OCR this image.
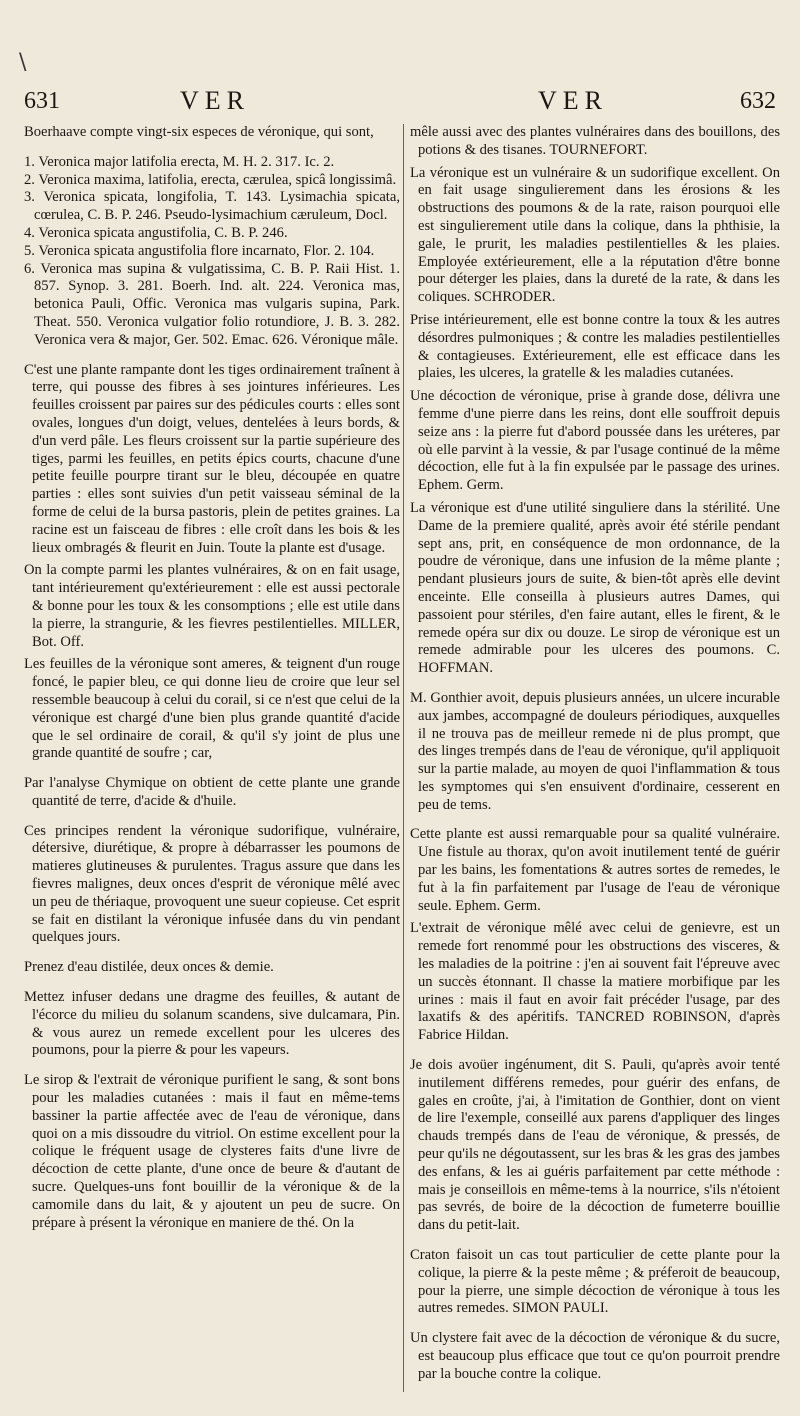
\
631	VER	VER	632

Boerhaave compte vingt-six especes de véronique, qui sont,

1. Veronica major latifolia erecta, M. H. 2. 317. Ic. 2.

2. Veronica maxima, latifolia, erecta, cærulea, spicâ longissimâ.

3. Veronica spicata, longifolia, T. 143. Lysimachia spicata, cœrulea, C. B. P. 246. Pseudo-lysimachium cæruleum, Docl.

4. Veronica spicata angustifolia, C. B. P. 246.

5. Veronica spicata angustifolia flore incarnato, Flor. 2. 104.

6. Veronica mas supina & vulgatissima, C. B. P. Raii Hist. 1. 857. Synop. 3. 281. Boerh. Ind. alt. 224. Veronica mas, betonica Pauli, Offic. Veronica mas vulgaris supina, Park. Theat. 550. Veronica vulgatior folio rotundiore, J. B. 3. 282. Veronica vera & major, Ger. 502. Emac. 626. Véronique mâle.

C'est une plante rampante dont les tiges ordinairement traînent à terre, qui pousse des fibres à ses jointures inférieures. Les feuilles croissent par paires sur des pédicules courts : elles sont ovales, longues d'un doigt, velues, dentelées à leurs bords, & d'un verd pâle. Les fleurs croissent sur la partie supérieure des tiges, parmi les feuilles, en petits épics courts, chacune d'une petite feuille pourpre tirant sur le bleu, découpée en quatre parties : elles sont suivies d'un petit vaisseau séminal de la forme de celui de la bursa pastoris, plein de petites graines. La racine est un faisceau de fibres : elle croît dans les bois & les lieux ombragés & fleurit en Juin. Toute la plante est d'usage.

On la compte parmi les plantes vulnéraires, & on en fait usage, tant intérieurement qu'extérieurement : elle est aussi pectorale & bonne pour les toux & les consomptions ; elle est utile dans la pierre, la strangurie, & les fievres pestilentielles. MILLER, Bot. Off.

Les feuilles de la véronique sont ameres, & teignent d'un rouge foncé, le papier bleu, ce qui donne lieu de croire que leur sel ressemble beaucoup à celui du corail, si ce n'est que celui de la véronique est chargé d'une bien plus grande quantité d'acide que le sel ordinaire de corail, & qu'il s'y joint de plus une grande quantité de soufre ; car,

Par l'analyse Chymique on obtient de cette plante une grande quantité de terre, d'acide & d'huile.

Ces principes rendent la véronique sudorifique, vulnéraire, détersive, diurétique, & propre à débarrasser les poumons de matieres glutineuses & purulentes. Tragus assure que dans les fievres malignes, deux onces d'esprit de véronique mêlé avec un peu de thériaque, provoquent une sueur copieuse. Cet esprit se fait en distilant la véronique infusée dans du vin pendant quelques jours.

Prenez d'eau distilée, deux onces & demie.

Mettez infuser dedans une dragme des feuilles, & autant de l'écorce du milieu du solanum scandens, sive dulcamara, Pin. & vous aurez un remede excellent pour les ulceres des poumons, pour la pierre & pour les vapeurs.

Le sirop & l'extrait de véronique purifient le sang, & sont bons pour les maladies cutanées : mais il faut en même-tems bassiner la partie affectée avec de l'eau de véronique, dans quoi on a mis dissoudre du vitriol. On estime excellent pour la colique le fréquent usage de clysteres faits d'une livre de décoction de cette plante, d'une once de beure & d'autant de sucre. Quelques-uns font bouillir de la véronique & de la camomile dans du lait, & y ajoutent un peu de sucre. On prépare à présent la véronique en maniere de thé. On la

mêle aussi avec des plantes vulnéraires dans des bouillons, des potions & des tisanes. TOURNEFORT.

La véronique est un vulnéraire & un sudorifique excellent. On en fait usage singulierement dans les érosions & les obstructions des poumons & de la rate, raison pourquoi elle est singulierement utile dans la colique, dans la phthisie, la gale, le prurit, les maladies pestilentielles & les plaies. Employée extérieurement, elle a la réputation d'être bonne pour déterger les plaies, dans la dureté de la rate, & dans les coliques. SCHRODER.

Prise intérieurement, elle est bonne contre la toux & les autres désordres pulmoniques ; & contre les maladies pestilentielles & contagieuses. Extérieurement, elle est efficace dans les plaies, les ulceres, la gratelle & les maladies cutanées.

Une décoction de véronique, prise à grande dose, délivra une femme d'une pierre dans les reins, dont elle souffroit depuis seize ans : la pierre fut d'abord poussée dans les uréteres, par où elle parvint à la vessie, & par l'usage continué de la même décoction, elle fut à la fin expulsée par le passage des urines. Ephem. Germ.

La véronique est d'une utilité singuliere dans la stérilité. Une Dame de la premiere qualité, après avoir été stérile pendant sept ans, prit, en conséquence de mon ordonnance, de la poudre de véronique, dans une infusion de la même plante ; pendant plusieurs jours de suite, & bien-tôt après elle devint enceinte. Elle conseilla à plusieurs autres Dames, qui passoient pour stériles, d'en faire autant, elles le firent, & le remede opéra sur dix ou douze. Le sirop de véronique est un remede admirable pour les ulceres des poumons. C. HOFFMAN.

M. Gonthier avoit, depuis plusieurs années, un ulcere incurable aux jambes, accompagné de douleurs périodiques, auxquelles il ne trouva pas de meilleur remede ni de plus prompt, que des linges trempés dans de l'eau de véronique, qu'il appliquoit sur la partie malade, au moyen de quoi l'inflammation & tous les symptomes qui s'en ensuivent d'ordinaire, cesserent en peu de tems.

Cette plante est aussi remarquable pour sa qualité vulnéraire. Une fistule au thorax, qu'on avoit inutilement tenté de guérir par les bains, les fomentations & autres sortes de remedes, le fut à la fin parfaitement par l'usage de l'eau de véronique seule. Ephem. Germ.

L'extrait de véronique mêlé avec celui de genievre, est un remede fort renommé pour les obstructions des visceres, & les maladies de la poitrine : j'en ai souvent fait l'épreuve avec un succès étonnant. Il chasse la matiere morbifique par les urines : mais il faut en avoir fait précéder l'usage, par des laxatifs & des apéritifs. TANCRED ROBINSON, d'après Fabrice Hildan.

Je dois avoüer ingénument, dit S. Pauli, qu'après avoir tenté inutilement différens remedes, pour guérir des enfans, de gales en croûte, j'ai, à l'imitation de Gonthier, dont on vient de lire l'exemple, conseillé aux parens d'appliquer des linges chauds trempés dans de l'eau de véronique, & pressés, de peur qu'ils ne dégoutassent, sur les bras & les gras des jambes des enfans, & les ai guéris parfaitement par cette méthode : mais je conseillois en même-tems à la nourrice, s'ils n'étoient pas sevrés, de boire de la décoction de fumeterre bouillie dans du petit-lait.

Craton faisoit un cas tout particulier de cette plante pour la colique, la pierre & la peste même ; & préferoit de beaucoup, pour la pierre, une simple décoction de véronique à tous les autres remedes. SIMON PAULI.

Un clystere fait avec de la décoction de véronique & du sucre, est beaucoup plus efficace que tout ce qu'on pourroit prendre par la bouche contre la colique.
